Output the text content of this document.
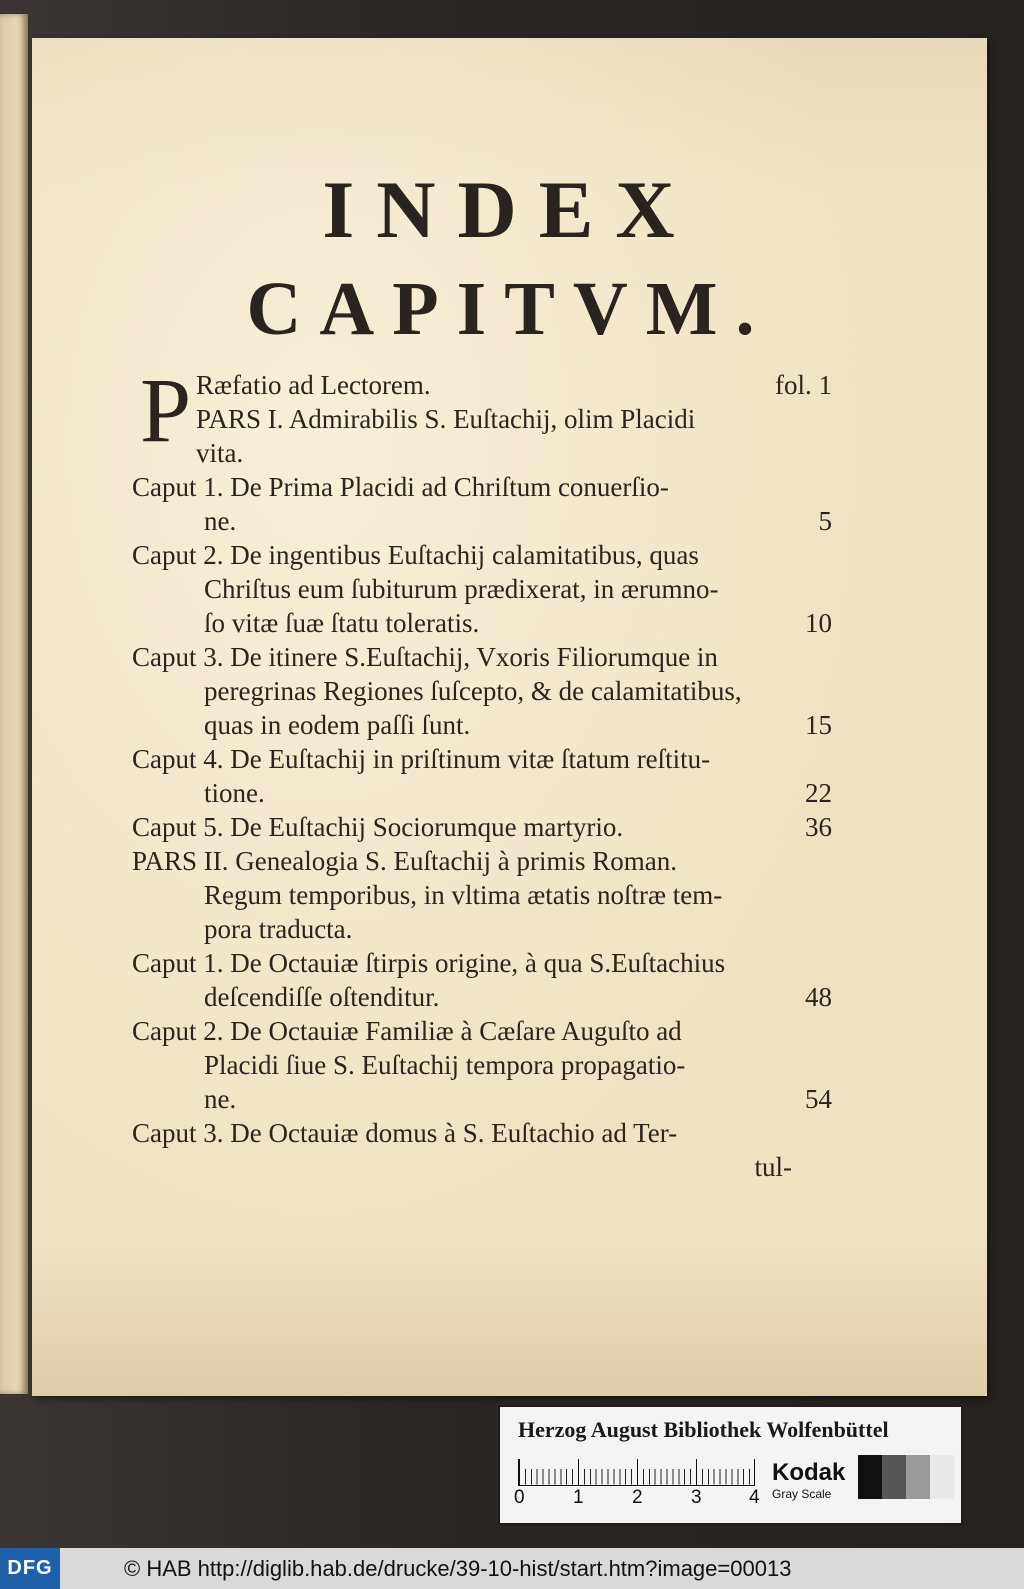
INDEX
CAPITVM.
P Ræfatio ad Lectorem.	fol. 1
PARS I. Admirabilis S. Euſtachij, olim Placidi
vita.
Caput 1. De Prima Placidi ad Chriſtum conuerſio-
ne.	5
Caput 2. De ingentibus Euſtachij calamitatibus, quas
Chriſtus eum ſubiturum prædixerat, in ærumno-
ſo vitæ ſuæ ſtatu toleratis.	10
Caput 3. De itinere S.Euſtachij, Vxoris Filiorumque in
peregrinas Regiones ſuſcepto, & de calamitatibus,
quas in eodem paſſi ſunt.	15
Caput 4. De Euſtachij in priſtinum vitæ ſtatum reſtitu-
tione.	22
Caput 5. De Euſtachij Sociorumque martyrio.	36
PARS II. Genealogia S. Euſtachij à primis Roman.
Regum temporibus, in vltima ætatis noſtræ tem-
pora traducta.
Caput 1. De Octauiæ ſtirpis origine, à qua S.Euſtachius
deſcendiſſe oſtenditur.	48
Caput 2. De Octauiæ Familiæ à Cæſare Auguſto ad
Placidi ſiue S. Euſtachij tempora propagatio-
ne.	54
Caput 3. De Octauiæ domus à S. Euſtachio ad Ter-
tul-
Herzog August Bibliothek Wolfenbüttel
0	1	2	3 4
Kodak
Gray Scale
DFG	© HAB http://diglib.hab.de/drucke/39-10-hist/start.htm?image=00013
